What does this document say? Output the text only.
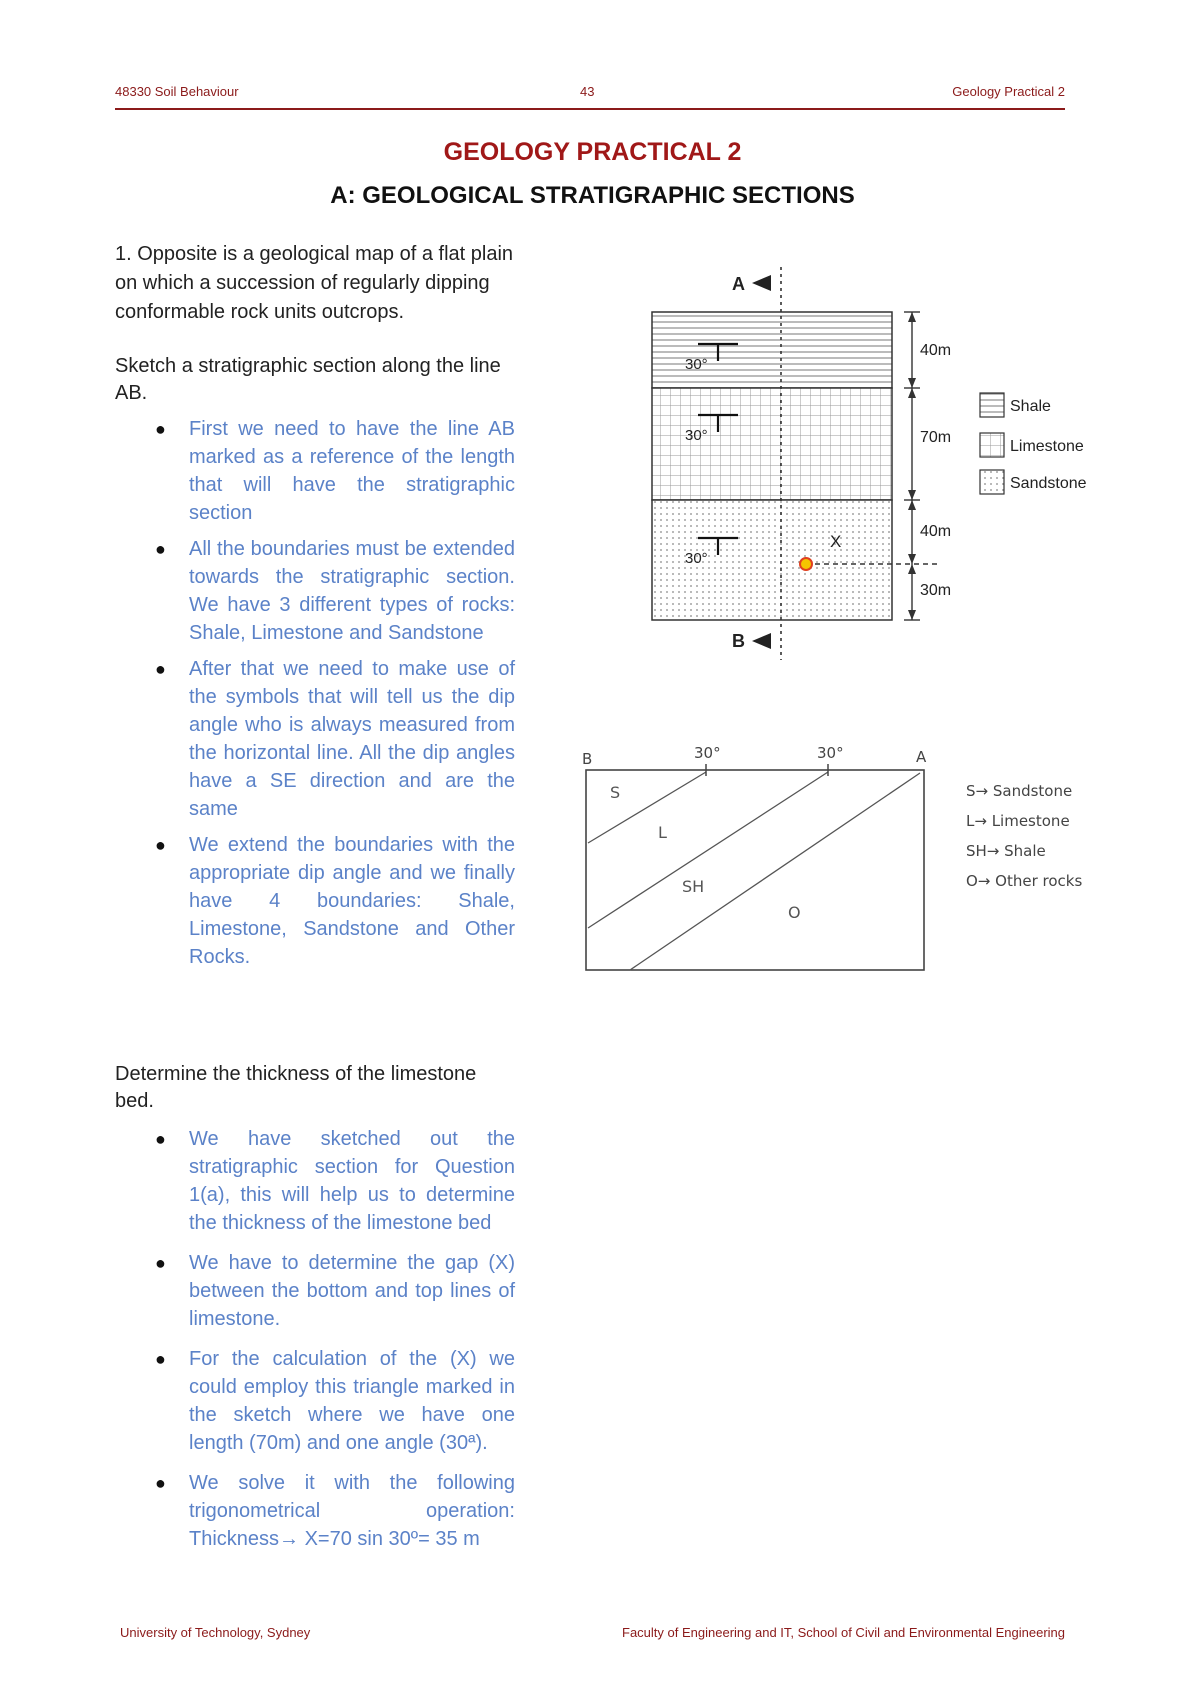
48330 Soil Behaviour	43	Geology Practical 2
GEOLOGY PRACTICAL 2
A: GEOLOGICAL STRATIGRAPHIC SECTIONS

1. Opposite is a geological map of a flat plain on which a succession of regularly dipping conformable rock units outcrops.

Sketch a stratigraphic section along the line AB.

● First we need to have the line AB marked as a reference of the length that will have the stratigraphic section
● All the boundaries must be extended towards the stratigraphic section. We have 3 different types of rocks: Shale, Limestone and Sandstone
● After that we need to make use of the symbols that will tell us the dip angle who is always measured from the horizontal line. All the dip angles have a SE direction and are the same
● We extend the boundaries with the appropriate dip angle and we finally have 4 boundaries: Shale, Limestone, Sandstone and Other Rocks.

Determine the thickness of the limestone bed.

● We have sketched out the stratigraphic section for Question 1(a), this will help us to determine the thickness of the limestone bed
● We have to determine the gap (X) between the bottom and top lines of limestone.
● For the calculation of the (X) we could employ this triangle marked in the sketch where we have one length (70m) and one angle (30ª).
● We solve it with the following trigonometrical operation: Thickness→ X=70 sin 30º= 35 m
A
B
30°
30°
30°
X
40m
70m
40m
30m
Shale
Limestone
Sandstone
B	A
30°	30°
S
L
SH
O
S→ Sandstone
L→ Limestone
SH→ Shale
O→ Other rocks
University of Technology, Sydney	Faculty of Engineering and IT, School of Civil and Environmental Engineering
